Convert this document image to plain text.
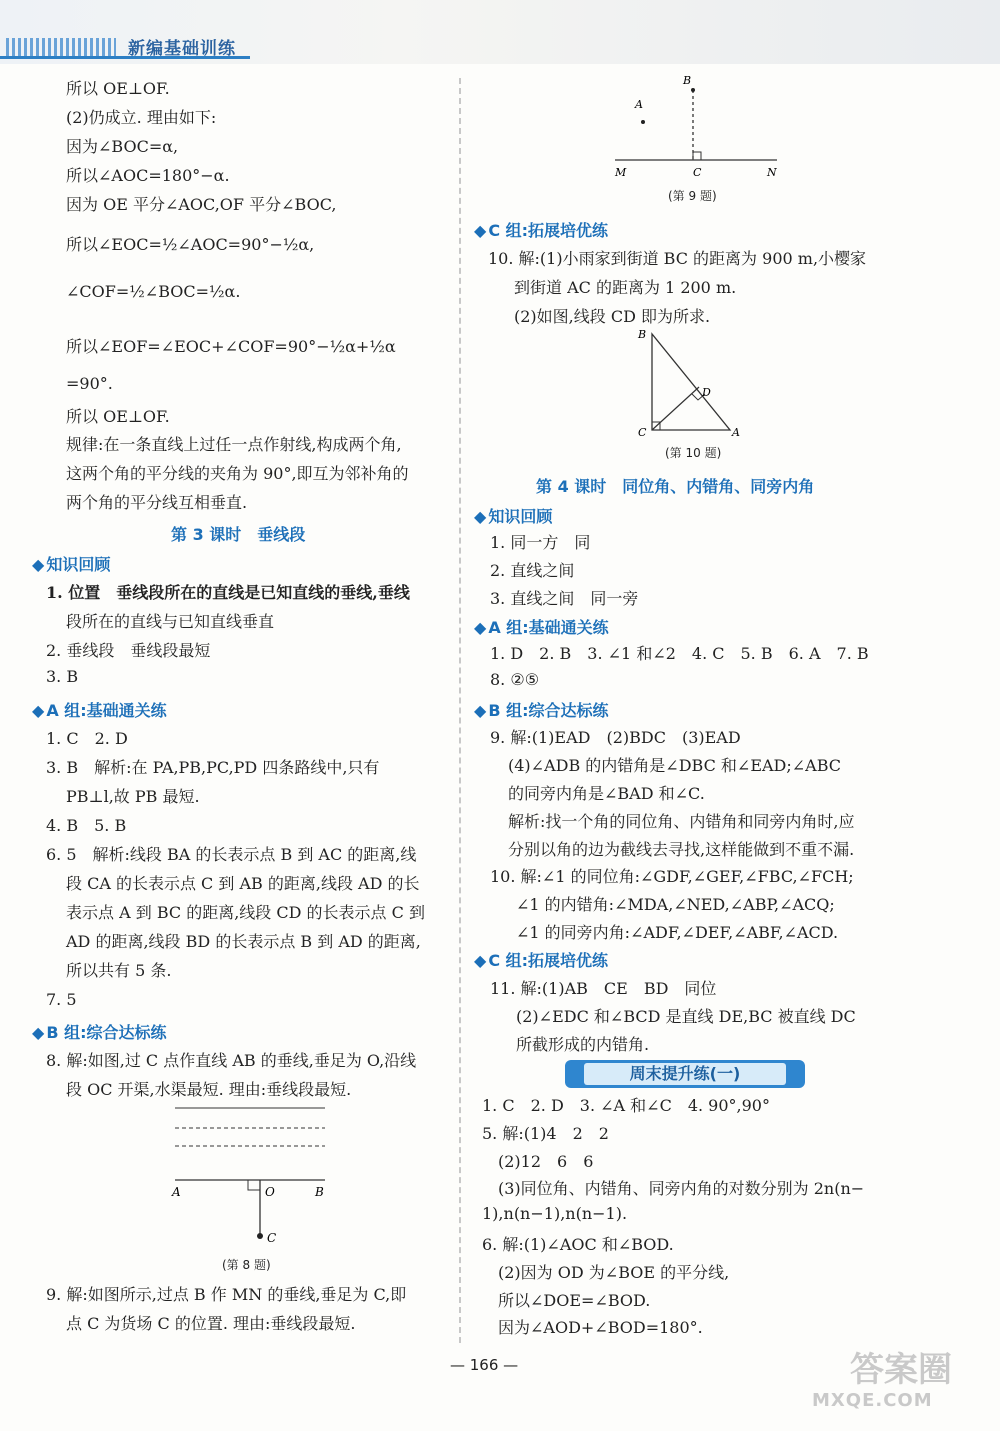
新编基础训练
所以 OE⊥OF.
(2)仍成立. 理由如下:
因为∠BOC=α,
所以∠AOC=180°−α.
因为 OE 平分∠AOC,OF 平分∠BOC,
所以∠EOC=½∠AOC=90°−½α,
∠COF=½∠BOC=½α.
所以∠EOF=∠EOC+∠COF=90°−½α+½α
=90°.
所以 OE⊥OF.
规律:在一条直线上过任一点作射线,构成两个角,
这两个角的平分线的夹角为 90°,即互为邻补角的
两个角的平分线互相垂直.
第 3 课时　垂线段
◆ 知识回顾
1. 位置　垂线段所在的直线是已知直线的垂线,垂线
段所在的直线与已知直线垂直
2. 垂线段　垂线段最短
3. B
◆ A 组:基础通关练
1. C　2. D
3. B　解析:在 PA,PB,PC,PD 四条路线中,只有
PB⊥l,故 PB 最短.
4. B　5. B
6. 5　解析:线段 BA 的长表示点 B 到 AC 的距离,线
段 CA 的长表示点 C 到 AB 的距离,线段 AD 的长
表示点 A 到 BC 的距离,线段 CD 的长表示点 C 到
AD 的距离,线段 BD 的长表示点 B 到 AD 的距离,
所以共有 5 条.
7. 5
◆ B 组:综合达标练
8. 解:如图,过 C 点作直线 AB 的垂线,垂足为 O,沿线
段 OC 开渠,水渠最短. 理由:垂线段最短.
9. 解:如图所示,过点 B 作 MN 的垂线,垂足为 C,即
点 C 为货场 C 的位置. 理由:垂线段最短.
A	O	B
C
(第 8 题)
B
A
M	C	N
(第 9 题)
◆ C 组:拓展培优练
10. 解:(1)小雨家到街道 BC 的距离为 900 m,小樱家
到街道 AC 的距离为 1 200 m.
(2)如图,线段 CD 即为所求.
第 4 课时　同位角、内错角、同旁内角
◆ 知识回顾
1. 同一方　同
2. 直线之间
3. 直线之间　同一旁
◆ A 组:基础通关练
1. D　2. B　3. ∠1 和∠2　4. C　5. B　6. A　7. B
8. ②⑤
◆ B 组:综合达标练
9. 解:(1)EAD　(2)BDC　(3)EAD
(4)∠ADB 的内错角是∠DBC 和∠EAD;∠ABC
的同旁内角是∠BAD 和∠C.
解析:找一个角的同位角、内错角和同旁内角时,应
分别以角的边为截线去寻找,这样能做到不重不漏.
10. 解:∠1 的同位角:∠GDF,∠GEF,∠FBC,∠FCH;
∠1 的内错角:∠MDA,∠NED,∠ABP,∠ACQ;
∠1 的同旁内角:∠ADF,∠DEF,∠ABF,∠ACD.
◆ C 组:拓展培优练
11. 解:(1)AB　CE　BD　同位
(2)∠EDC 和∠BCD 是直线 DE,BC 被直线 DC
所截形成的内错角.
1. C　2. D　3. ∠A 和∠C　4. 90°,90°
5. 解:(1)4　2　2
(2)12　6　6
(3)同位角、内错角、同旁内角的对数分别为 2n(n−
1),n(n−1),n(n−1).
6. 解:(1)∠AOC 和∠BOD.
(2)因为 OD 为∠BOE 的平分线,
所以∠DOE=∠BOD.
因为∠AOD+∠BOD=180°.
B
D
C	A
(第 10 题)
周末提升练(一)
— 166 —	答案圈
MXQE.COM
